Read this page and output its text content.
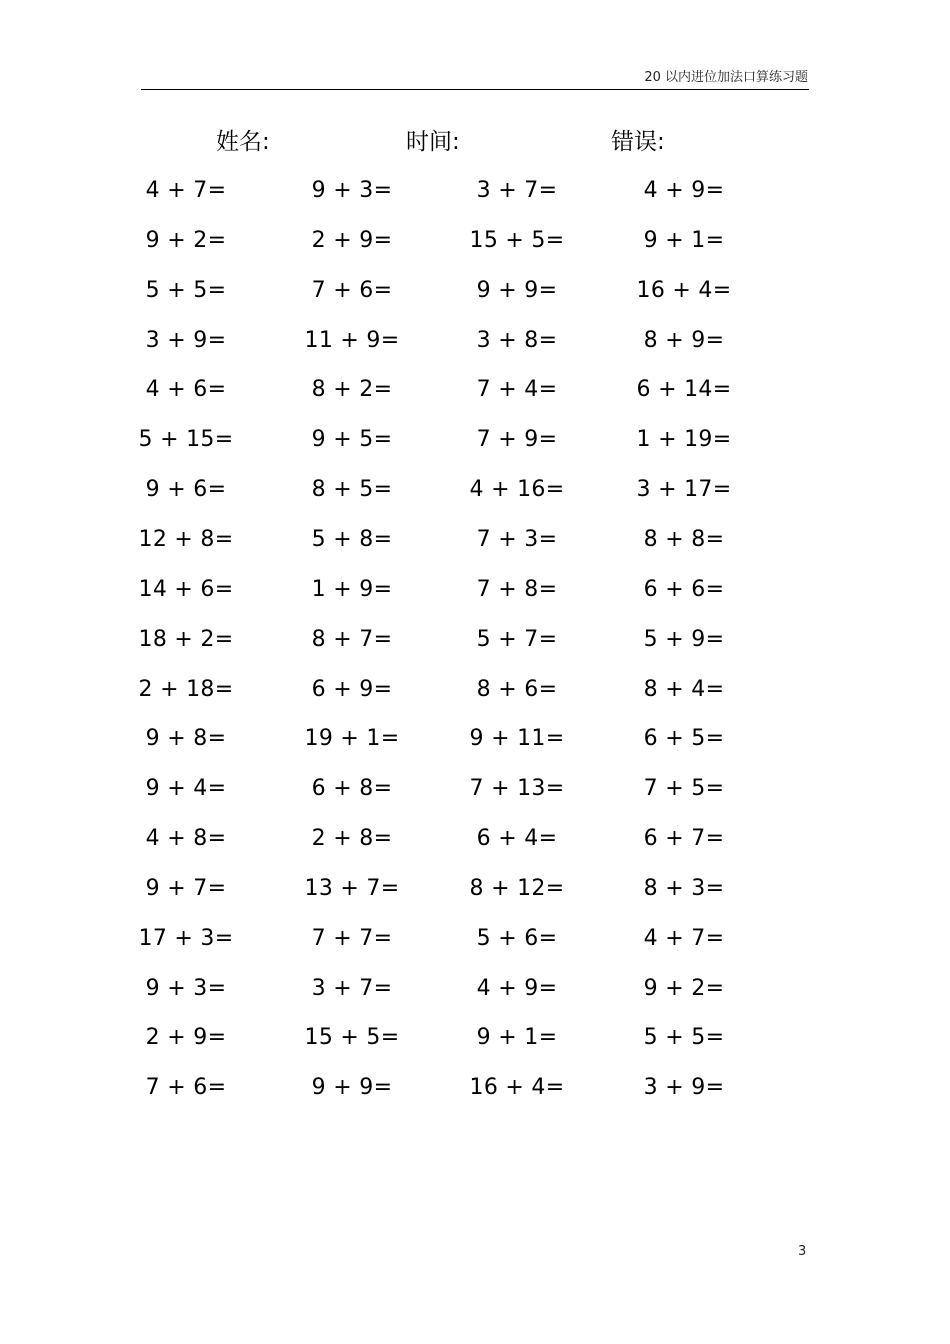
20 以内进位加法口算练习题
姓名:	时间:	错误:
4 + 7=	9 + 3=	3 + 7=	4 + 9=
9 + 2=	2 + 9=	15 + 5=	9 + 1=
5 + 5=	7 + 6=	9 + 9=	16 + 4=
3 + 9=	11 + 9=	3 + 8=	8 + 9=
4 + 6=	8 + 2=	7 + 4=	6 + 14=
5 + 15=	9 + 5=	7 + 9=	1 + 19=
9 + 6=	8 + 5=	4 + 16=	3 + 17=
12 + 8=	5 + 8=	7 + 3=	8 + 8=
14 + 6=	1 + 9=	7 + 8=	6 + 6=
18 + 2=	8 + 7=	5 + 7=	5 + 9=
2 + 18=	6 + 9=	8 + 6=	8 + 4=
9 + 8=	19 + 1=	9 + 11=	6 + 5=
9 + 4=	6 + 8=	7 + 13=	7 + 5=
4 + 8=	2 + 8=	6 + 4=	6 + 7=
9 + 7=	13 + 7=	8 + 12=	8 + 3=
17 + 3=	7 + 7=	5 + 6=	4 + 7=
9 + 3=	3 + 7=	4 + 9=	9 + 2=
2 + 9=	15 + 5=	9 + 1=	5 + 5=
7 + 6=	9 + 9=	16 + 4=	3 + 9=
3
